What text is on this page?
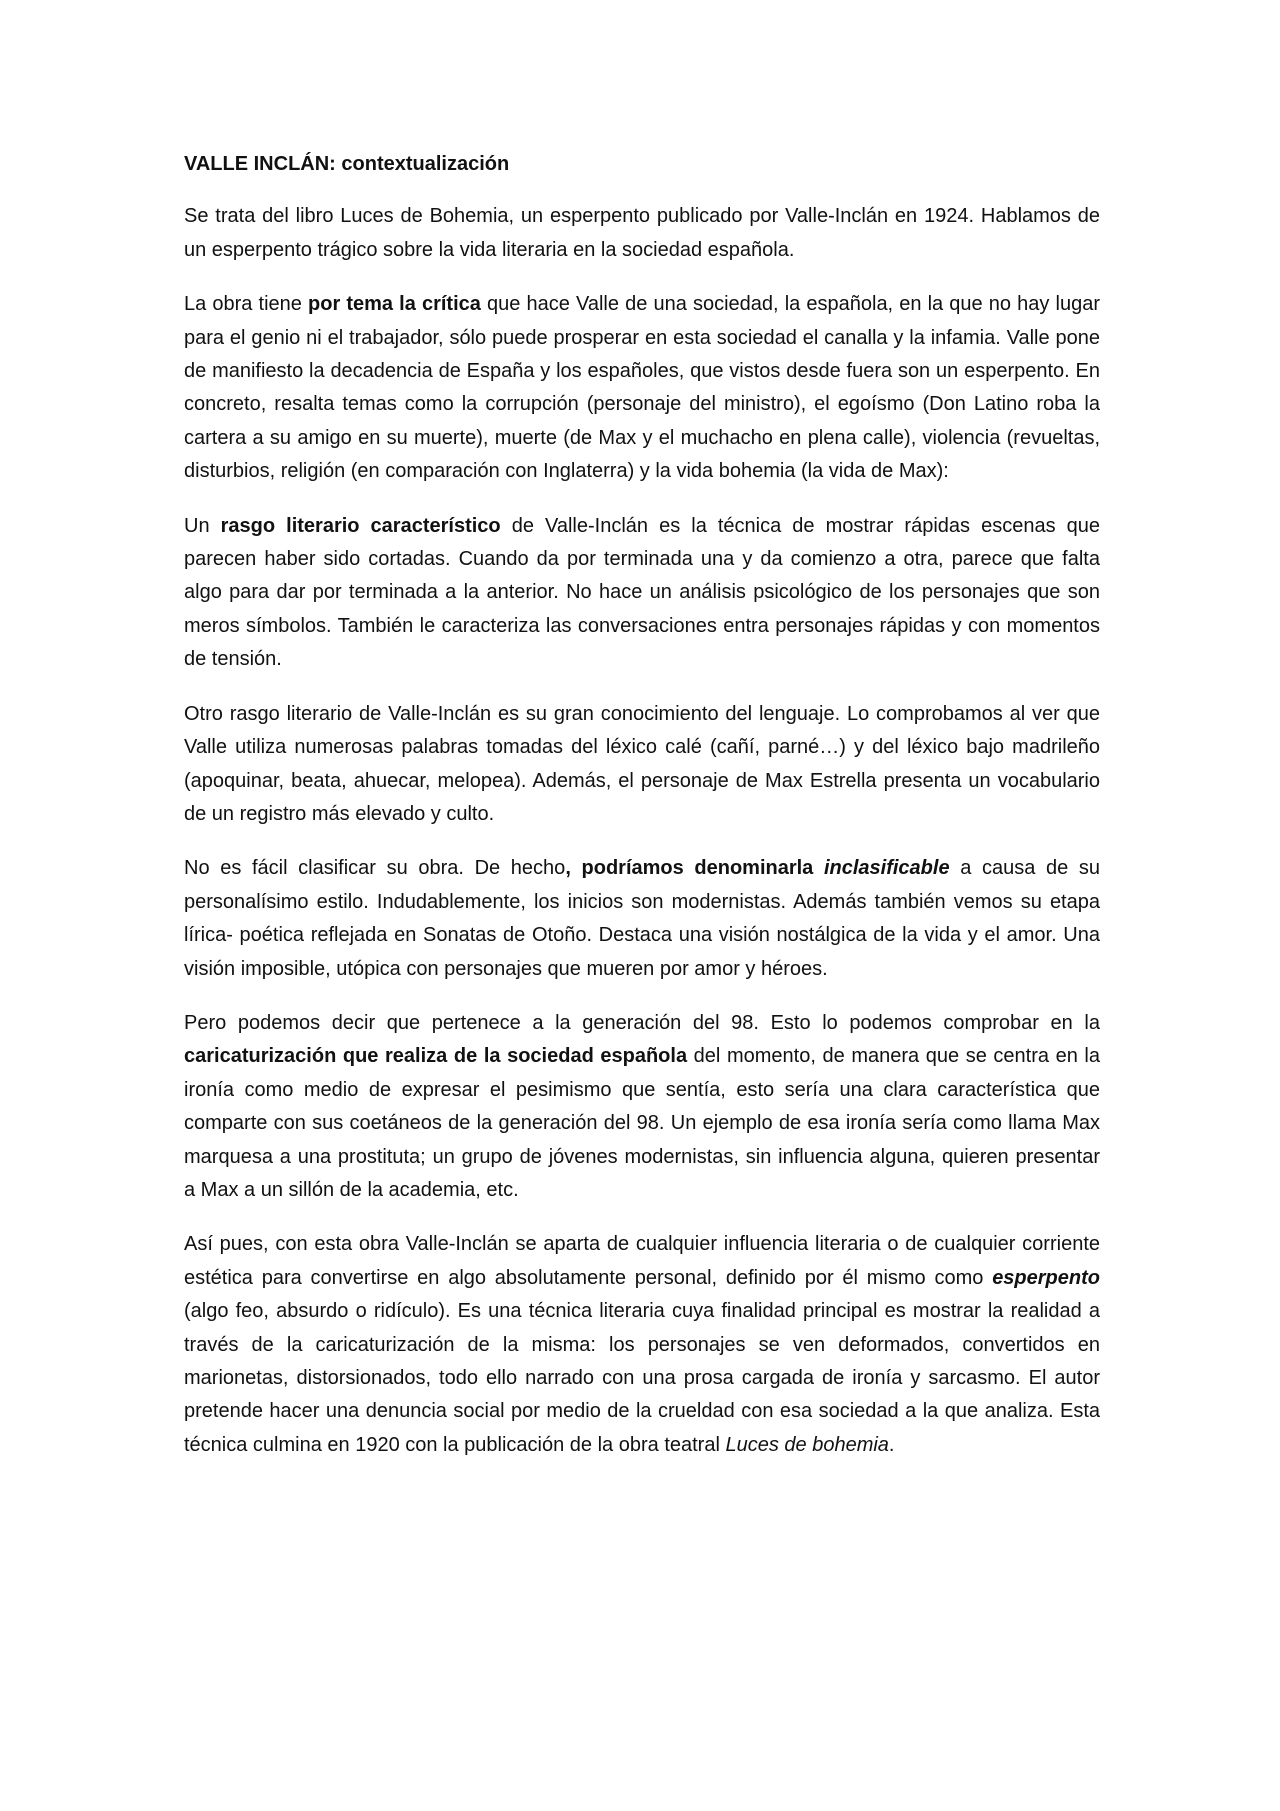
VALLE INCLÁN: contextualización

Se trata del libro Luces de Bohemia, un esperpento publicado por Valle-Inclán en 1924. Hablamos de un esperpento trágico sobre la vida literaria en la sociedad española.

La obra tiene por tema la crítica que hace Valle de una sociedad, la española, en la que no hay lugar para el genio ni el trabajador, sólo puede prosperar en esta sociedad el canalla y la infamia. Valle pone de manifiesto la decadencia de España y los españoles, que vistos desde fuera son un esperpento. En concreto, resalta temas como la corrupción (personaje del ministro), el egoísmo (Don Latino roba la cartera a su amigo en su muerte), muerte (de Max y el muchacho en plena calle), violencia (revueltas, disturbios, religión (en comparación con Inglaterra) y la vida bohemia (la vida de Max):

Un rasgo literario característico de Valle-Inclán es la técnica de mostrar rápidas escenas que parecen haber sido cortadas. Cuando da por terminada una y da comienzo a otra, parece que falta algo para dar por terminada a la anterior. No hace un análisis psicológico de los personajes que son meros símbolos. También le caracteriza las conversaciones entra personajes rápidas y con momentos de tensión.

Otro rasgo literario de Valle-Inclán es su gran conocimiento del lenguaje. Lo comprobamos al ver que Valle utiliza numerosas palabras tomadas del léxico calé (cañí, parné…) y del léxico bajo madrileño (apoquinar, beata, ahuecar, melopea). Además, el personaje de Max Estrella presenta un vocabulario de un registro más elevado y culto.

No es fácil clasificar su obra. De hecho, podríamos denominarla inclasificable a causa de su personalísimo estilo. Indudablemente, los inicios son modernistas. Además también vemos su etapa lírica- poética reflejada en Sonatas de Otoño. Destaca una visión nostálgica de la vida y el amor. Una visión imposible, utópica con personajes que mueren por amor y héroes.

Pero podemos decir que pertenece a la generación del 98. Esto lo podemos comprobar en la caricaturización que realiza de la sociedad española del momento, de manera que se centra en la ironía como medio de expresar el pesimismo que sentía, esto sería una clara característica que comparte con sus coetáneos de la generación del 98. Un ejemplo de esa ironía sería como llama Max marquesa a una prostituta; un grupo de jóvenes modernistas, sin influencia alguna, quieren presentar a Max a un sillón de la academia, etc.

Así pues, con esta obra Valle-Inclán se aparta de cualquier influencia literaria o de cualquier corriente estética para convertirse en algo absolutamente personal, definido por él mismo como esperpento (algo feo, absurdo o ridículo). Es una técnica literaria cuya finalidad principal es mostrar la realidad a través de la caricaturización de la misma: los personajes se ven deformados, convertidos en marionetas, distorsionados, todo ello narrado con una prosa cargada de ironía y sarcasmo. El autor pretende hacer una denuncia social por medio de la crueldad con esa sociedad a la que analiza. Esta técnica culmina en 1920 con la publicación de la obra teatral Luces de bohemia.
